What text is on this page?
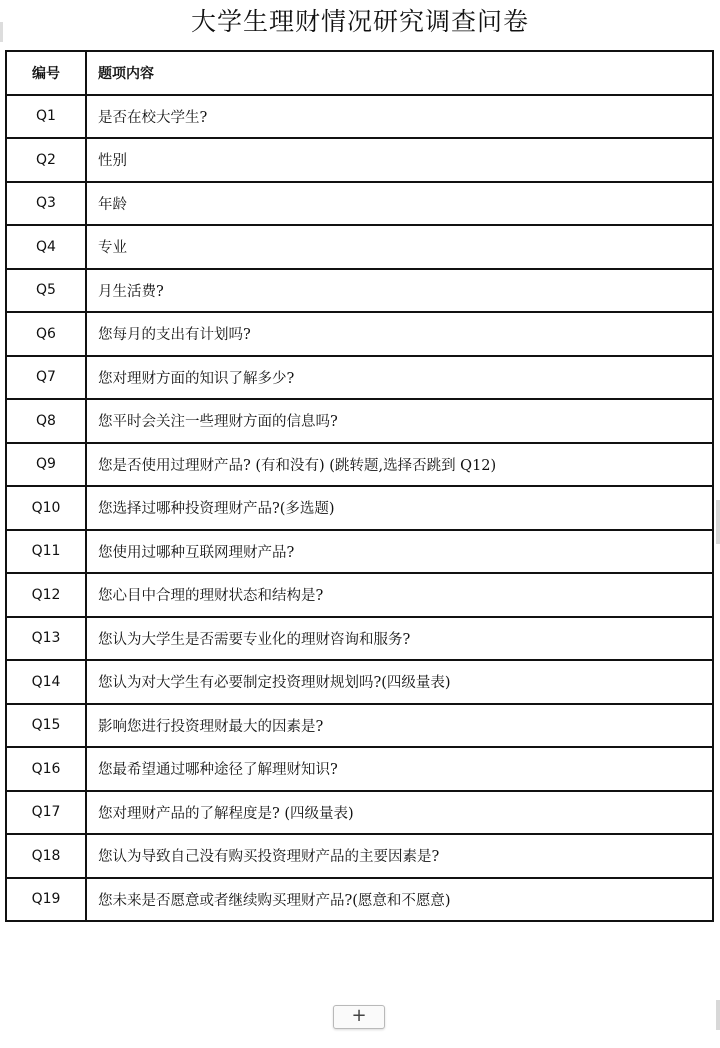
大学生理财情况研究调查问卷
编号	题项内容
Q1	是否在校大学生?
Q2	性别
Q3	年龄
Q4	专业
Q5	月生活费?
Q6	您每月的支出有计划吗?
Q7	您对理财方面的知识了解多少?
Q8	您平时会关注一些理财方面的信息吗?
Q9	您是否使用过理财产品? (有和没有) (跳转题,选择否跳到 Q12)
Q10	您选择过哪种投资理财产品?(多选题)
Q11	您使用过哪种互联网理财产品?
Q12	您心目中合理的理财状态和结构是?
Q13	您认为大学生是否需要专业化的理财咨询和服务?
Q14	您认为对大学生有必要制定投资理财规划吗?(四级量表)
Q15	影响您进行投资理财最大的因素是?
Q16	您最希望通过哪种途径了解理财知识?
Q17	您对理财产品的了解程度是? (四级量表)
Q18	您认为导致自己没有购买投资理财产品的主要因素是?
Q19	您未来是否愿意或者继续购买理财产品?(愿意和不愿意)
+
